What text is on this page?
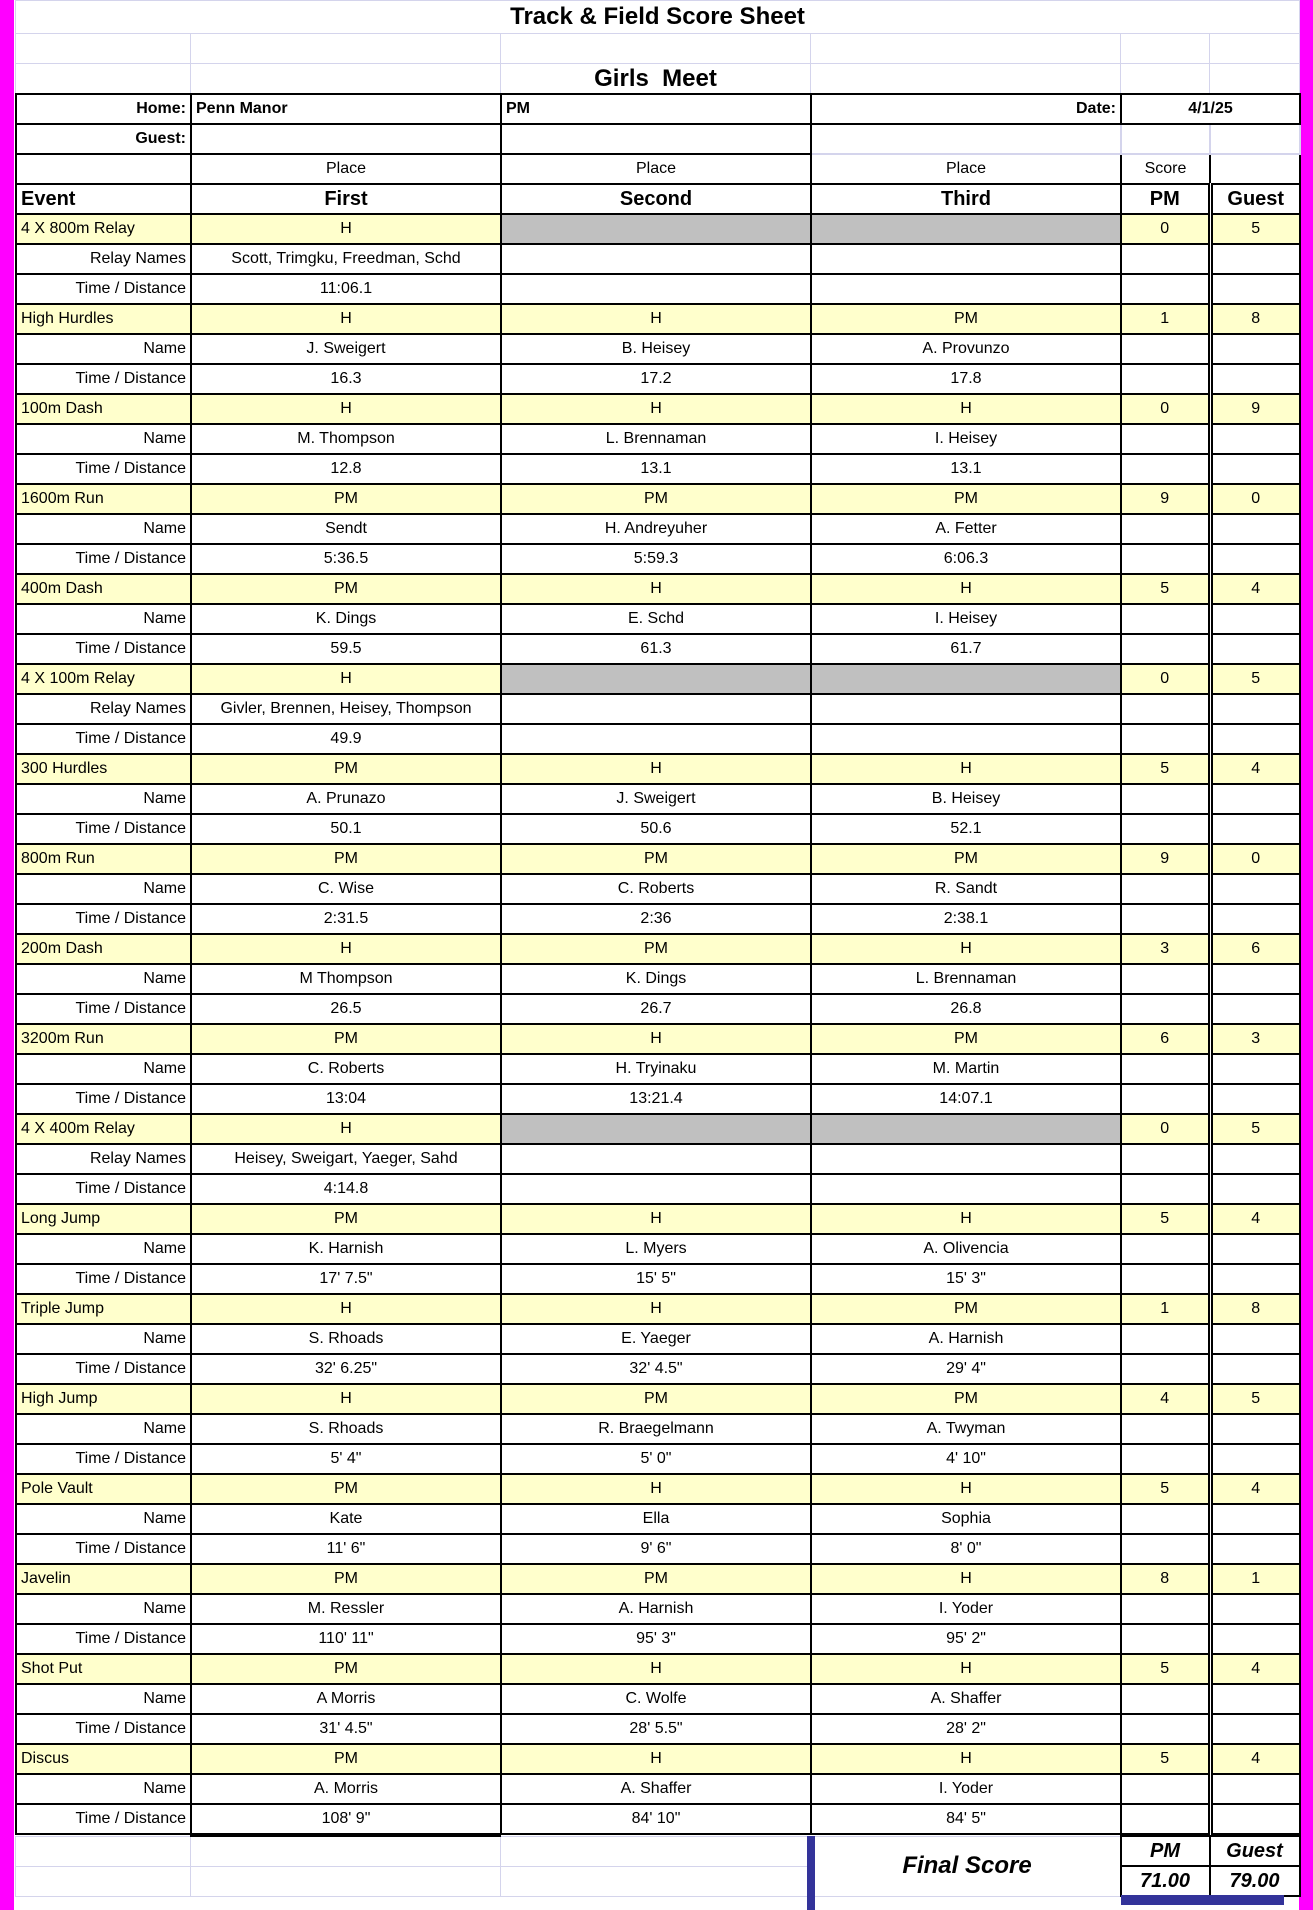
Track & Field Score Sheet					

		Girls  Meet			
Home:	Penn Manor	PM	Date:	4/1/25	
Guest:					
	Place	Place	Place	Score	
Event	First	Second	Third	PM	Guest
4 X 800m Relay	H			0	5
Relay Names	Scott, Trimgku, Freedman, Schd				
Time / Distance	11:06.1				
High Hurdles	H	H	PM	1	8
Name	J. Sweigert	B. Heisey	A. Provunzo		
Time / Distance	16.3	17.2	17.8		
100m Dash	H	H	H	0	9
Name	M. Thompson	L. Brennaman	I. Heisey		
Time / Distance	12.8	13.1	13.1		
1600m Run	PM	PM	PM	9	0
Name	Sendt	H. Andreyuher	A. Fetter		
Time / Distance	5:36.5	5:59.3	6:06.3		
400m Dash	PM	H	H	5	4
Name	K. Dings	E. Schd	I. Heisey		
Time / Distance	59.5	61.3	61.7		
4 X 100m Relay	H			0	5
Relay Names	Givler, Brennen, Heisey, Thompson				
Time / Distance	49.9				
300 Hurdles	PM	H	H	5	4
Name	A. Prunazo	J. Sweigert	B. Heisey		
Time / Distance	50.1	50.6	52.1		
800m Run	PM	PM	PM	9	0
Name	C. Wise	C. Roberts	R. Sandt		
Time / Distance	2:31.5	2:36	2:38.1		
200m Dash	H	PM	H	3	6
Name	M Thompson	K. Dings	L. Brennaman		
Time / Distance	26.5	26.7	26.8		
3200m Run	PM	H	PM	6	3
Name	C. Roberts	H. Tryinaku	M. Martin		
Time / Distance	13:04	13:21.4	14:07.1		
4 X 400m Relay	H			0	5
Relay Names	Heisey, Sweigart, Yaeger, Sahd				
Time / Distance	4:14.8				
Long Jump	PM	H	H	5	4
Name	K. Harnish	L. Myers	A. Olivencia		
Time / Distance	17' 7.5"	15' 5"	15' 3"		
Triple Jump	H	H	PM	1	8
Name	S. Rhoads	E. Yaeger	A. Harnish		
Time / Distance	32' 6.25"	32' 4.5"	29' 4"		
High Jump	H	PM	PM	4	5
Name	S. Rhoads	R. Braegelmann	A. Twyman		
Time / Distance	5' 4"	5' 0"	4' 10"		
Pole Vault	PM	H	H	5	4
Name	Kate	Ella	Sophia		
Time / Distance	11' 6"	9' 6"	8' 0"		
Javelin	PM	PM	H	8	1
Name	M. Ressler	A. Harnish	I. Yoder		
Time / Distance	110' 11"	95' 3"	95' 2"		
Shot Put	PM	H	H	5	4
Name	A Morris	C. Wolfe	A. Shaffer		
Time / Distance	31' 4.5"	28' 5.5"	28' 2"		
Discus	PM	H	H	5	4
Name	A. Morris	A. Shaffer	I. Yoder		
Time / Distance	108' 9"	84' 10"	84' 5"		
			Final Score	PM	Guest
				71.00	79.00
